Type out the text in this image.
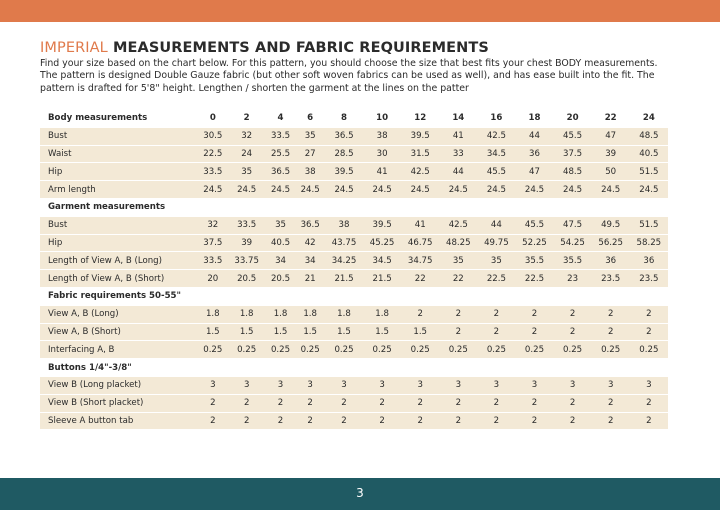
IMPERIAL MEASUREMENTS AND FABRIC REQUIREMENTS

Find your size based on the chart below. For this pattern, you should choose the size that best fits your chest BODY measurements.

The pattern is designed Double Gauze fabric (but other soft woven fabrics can be used as well), and has ease built into the fit. The

pattern is drafted for 5'8" height. Lengthen / shorten the garment at the lines on the patter

Body measurements	0	2	4	6	8	10	12	14	16	18	20	22	24
Bust	30.5	32	33.5	35	36.5	38	39.5	41	42.5	44	45.5	47	48.5
Waist	22.5	24	25.5	27	28.5	30	31.5	33	34.5	36	37.5	39	40.5
Hip	33.5	35	36.5	38	39.5	41	42.5	44	45.5	47	48.5	50	51.5
Arm length	24.5	24.5	24.5	24.5	24.5	24.5	24.5	24.5	24.5	24.5	24.5	24.5	24.5
Garment measurements													
Bust	32	33.5	35	36.5	38	39.5	41	42.5	44	45.5	47.5	49.5	51.5
Hip	37.5	39	40.5	42	43.75	45.25	46.75	48.25	49.75	52.25	54.25	56.25	58.25
Length of View A, B (Long)	33.5	33.75	34	34	34.25	34.5	34.75	35	35	35.5	35.5	36	36
Length of View A, B (Short)	20	20.5	20.5	21	21.5	21.5	22	22	22.5	22.5	23	23.5	23.5
Fabric requirements 50-55"													
View A, B (Long)	1.8	1.8	1.8	1.8	1.8	1.8	2	2	2	2	2	2	2
View A, B (Short)	1.5	1.5	1.5	1.5	1.5	1.5	1.5	2	2	2	2	2	2
Interfacing A, B	0.25	0.25	0.25	0.25	0.25	0.25	0.25	0.25	0.25	0.25	0.25	0.25	0.25
Buttons 1/4"-3/8"													
View B (Long placket)	3	3	3	3	3	3	3	3	3	3	3	3	3
View B (Short placket)	2	2	2	2	2	2	2	2	2	2	2	2	2
Sleeve A button tab	2	2	2	2	2	2	2	2	2	2	2	2	2
3
